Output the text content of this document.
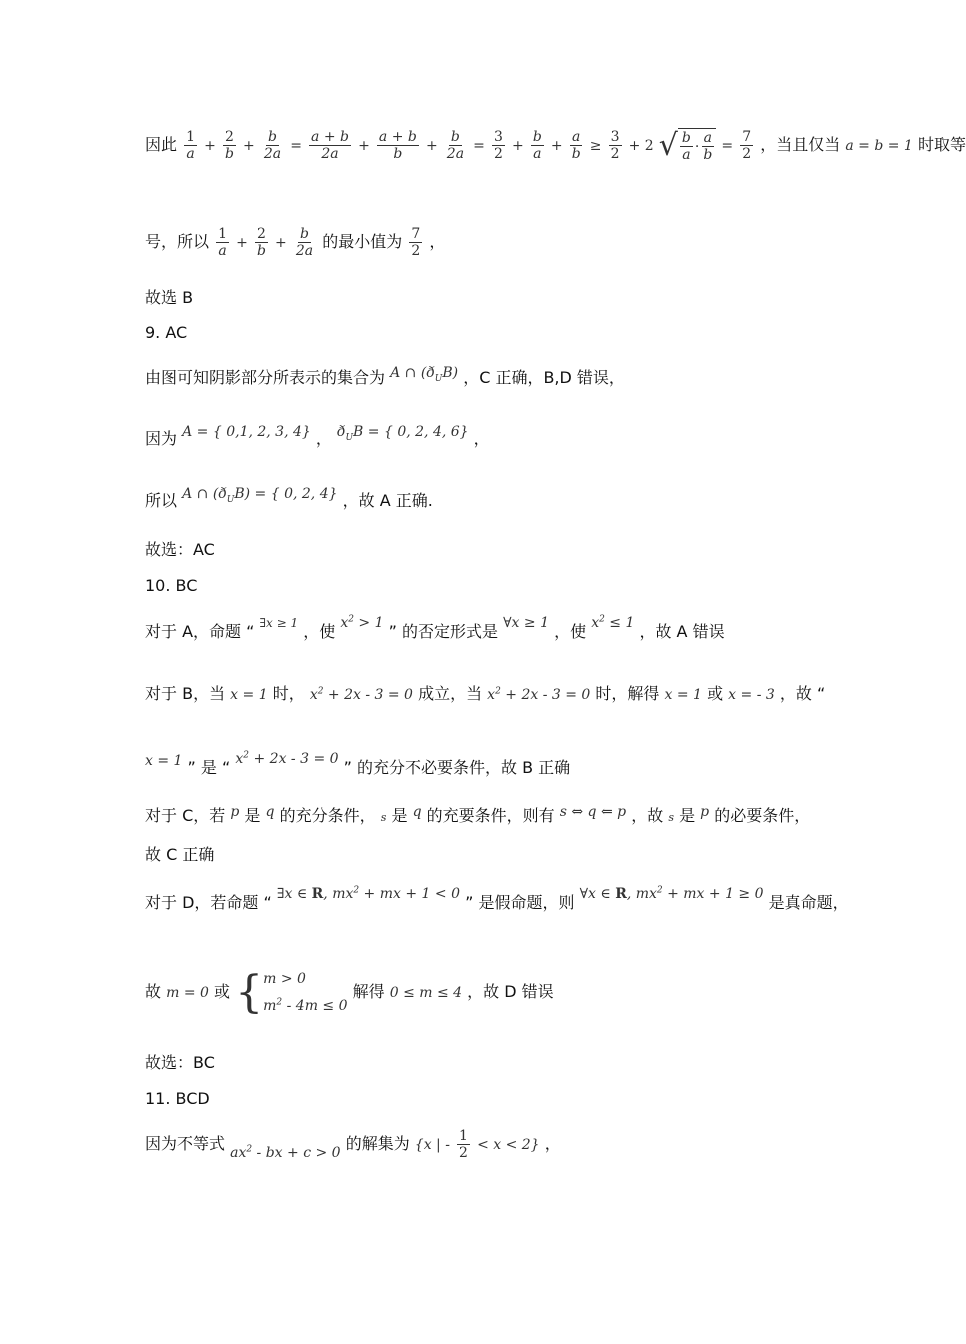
因此 $\frac{1}{a} + \frac{2}{b} + \frac{b}{2a} = \frac{a + b}{2a} + \frac{a + b}{b} + \frac{b}{2a} = \frac{3}{2} + \frac{b}{a} + \frac{a}{b} \ge \frac{3}{2} + 2$ √ $\frac{b}{a} \cdot \frac{a}{b} = \frac{7}{2}$ ，当且仅当 a = b = 1 时取等
号，所以 $\frac{1}{a} + \frac{2}{b} + \frac{b}{2a}$ 的最小值为 $\frac{7}{2}$ ，
故选 B
9. AC
由图可知阴影部分所表示的集合为 A ∩ $(ð_UB)$ ，C 正确，B,D 错误，
因为 A = { 0,1, 2, 3, 4} ， $ð_UB$ = { 0, 2, 4, 6} ，
所以 A ∩ $(ð_UB)$ = { 0, 2, 4} ，故 A 正确.
故选：AC
10. BC
对于 A，命题 “ $^{\exists x \ge 1}$ ，使 $x^2 > 1$ ” 的否定形式是 ∀x ≥ 1 ，使 $x^2 \le 1$ ，故 A 错误
对于 B，当 x = 1 时， $x^2 + 2x - 3 = 0$ 成立，当 $x^2 + 2x - 3 = 0$ 时，解得 x = 1 或 x = - 3 ，故 “
x = 1 ” 是 “ $x^2 + 2x - 3 = 0$ ” 的充分不必要条件，故 B 正确
对于 C，若 p 是 q 的充分条件， s 是 q 的充要条件，则有 s ⇔ q ⇐ p ，故 s 是 p 的必要条件，
故 C 正确
对于 D，若命题 “ ∃x ∈ R, $mx^2$ + mx + 1 < 0 ” 是假命题，则 ∀x ∈ R, $mx^2$ + mx + 1 ≥ 0 是真命题，
故 m = 0 或 { m > 0
$m^2 - 4m \le 0$
解得 0 ≤ m ≤ 4 ，故 D 错误
故选：BC
11. BCD
因为不等式 $ax^2$ - bx + c > 0 的解集为 {x | - $\frac{1}{2} < x < 2$} ，
